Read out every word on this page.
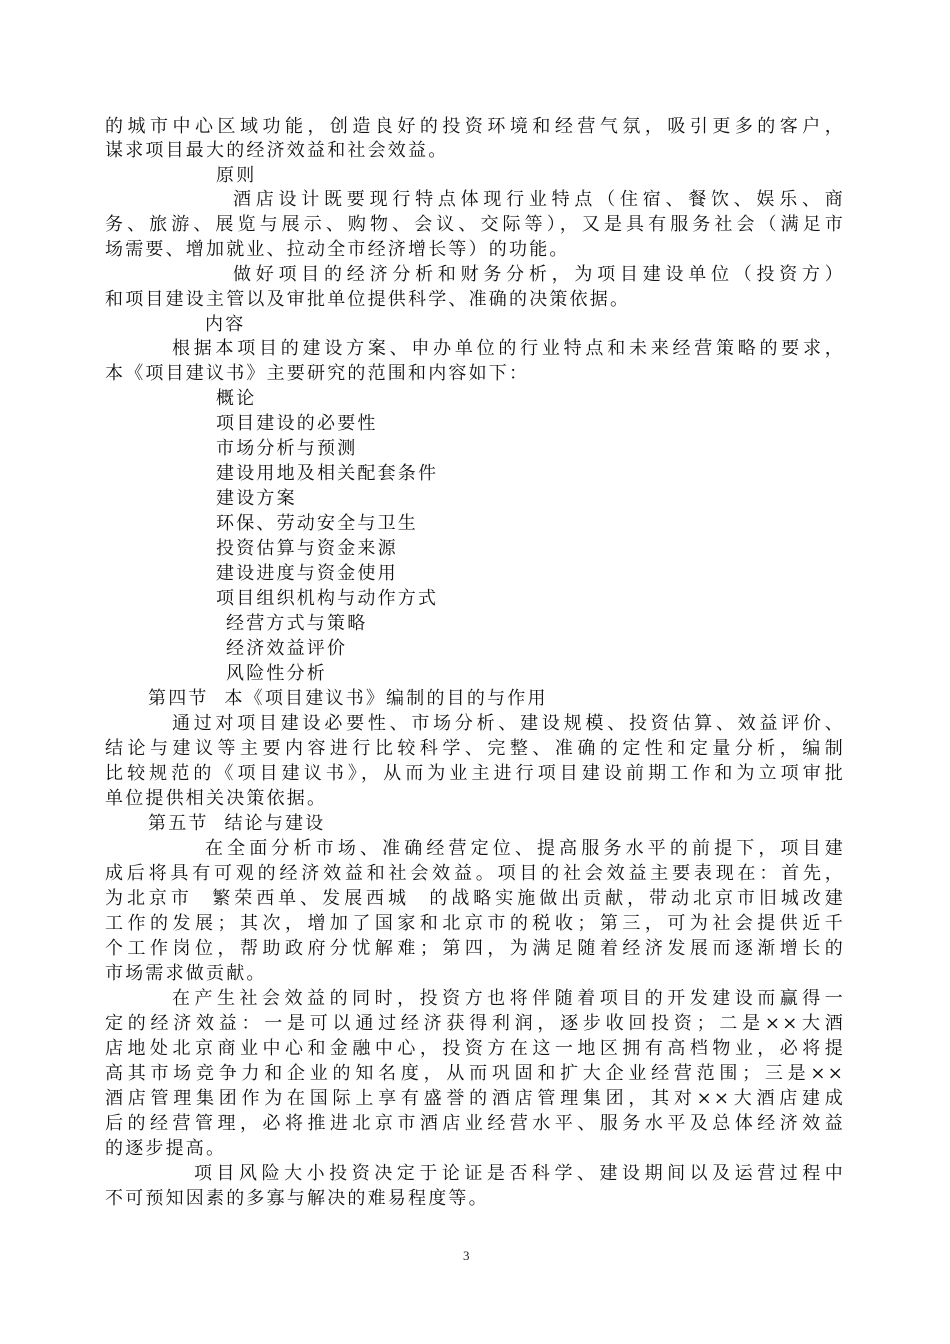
的城市中心区域功能，创造良好的投资环境和经营气氛，吸引更多的客户，
谋求项目最大的经济效益和社会效益。
原则
酒店设计既要现行特点体现行业特点（住宿、餐饮、娱乐、商
务、旅游、展览与展示、购物、会议、交际等），又是具有服务社会（满足市
场需要、增加就业、拉动全市经济增长等）的功能。
做好项目的经济分析和财务分析，为项目建设单位（投资方）
和项目建设主管以及审批单位提供科学、准确的决策依据。
内容
根据本项目的建设方案、申办单位的行业特点和未来经营策略的要求，
本《项目建议书》主要研究的范围和内容如下：
概论
项目建设的必要性
市场分析与预测
建设用地及相关配套条件
建设方案
环保、劳动安全与卫生
投资估算与资金来源
建设进度与资金使用
项目组织机构与动作方式
经营方式与策略
经济效益评价
风险性分析
第四节  本《项目建议书》编制的目的与作用
通过对项目建设必要性、市场分析、建设规模、投资估算、效益评价、
结论与建议等主要内容进行比较科学、完整、准确的定性和定量分析，编制
比较规范的《项目建议书》，从而为业主进行项目建设前期工作和为立项审批
单位提供相关决策依据。
第五节  结论与建设
在全面分析市场、准确经营定位、提高服务水平的前提下，项目建
成后将具有可观的经济效益和社会效益。项目的社会效益主要表现在：首先，
为北京市  繁荣西单、发展西城  的战略实施做出贡献，带动北京市旧城改建
工作的发展；其次，增加了国家和北京市的税收；第三，可为社会提供近千
个工作岗位，帮助政府分忧解难；第四，为满足随着经济发展而逐渐增长的
市场需求做贡献。
在产生社会效益的同时，投资方也将伴随着项目的开发建设而赢得一
定的经济效益：一是可以通过经济获得利润，逐步收回投资；二是××大酒
店地处北京商业中心和金融中心，投资方在这一地区拥有高档物业，必将提
高其市场竞争力和企业的知名度，从而巩固和扩大企业经营范围；三是××
酒店管理集团作为在国际上享有盛誉的酒店管理集团，其对××大酒店建成
后的经营管理，必将推进北京市酒店业经营水平、服务水平及总体经济效益
的逐步提高。
项目风险大小投资决定于论证是否科学、建设期间以及运营过程中
不可预知因素的多寡与解决的难易程度等。
3
